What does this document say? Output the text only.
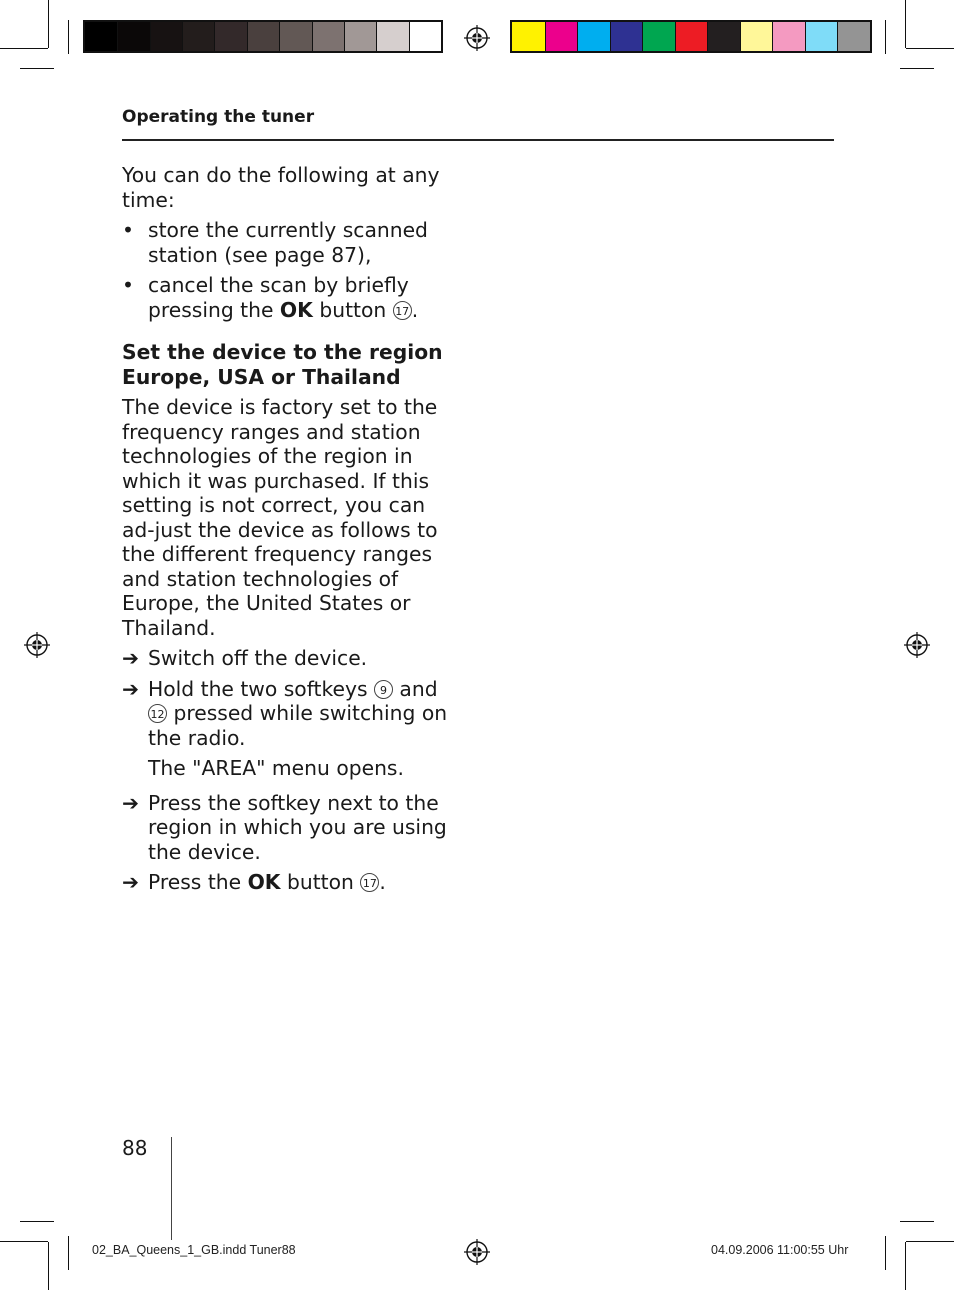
Operating the tuner

You can do the following at any time:

• store the currently scanned station (see page 87),

• cancel the scan by briefly pressing the OK button 17 .

Set the device to the region Europe, USA or Thailand

The device is factory set to the frequency ranges and station technologies of the region in which it was purchased. If this setting is not correct, you can ad-just the device as follows to the different frequency ranges and station technologies of Europe, the United States or Thailand.

➔ Switch off the device.

➔ Hold the two softkeys 9 and 12 pressed while switching on the radio.

The "AREA" menu opens.

➔ Press the softkey next to the region in which you are using the device.

➔ Press the OK button 17 .

88
02_BA_Queens_1_GB.indd Tuner88	04.09.2006 11:00:55 Uhr
